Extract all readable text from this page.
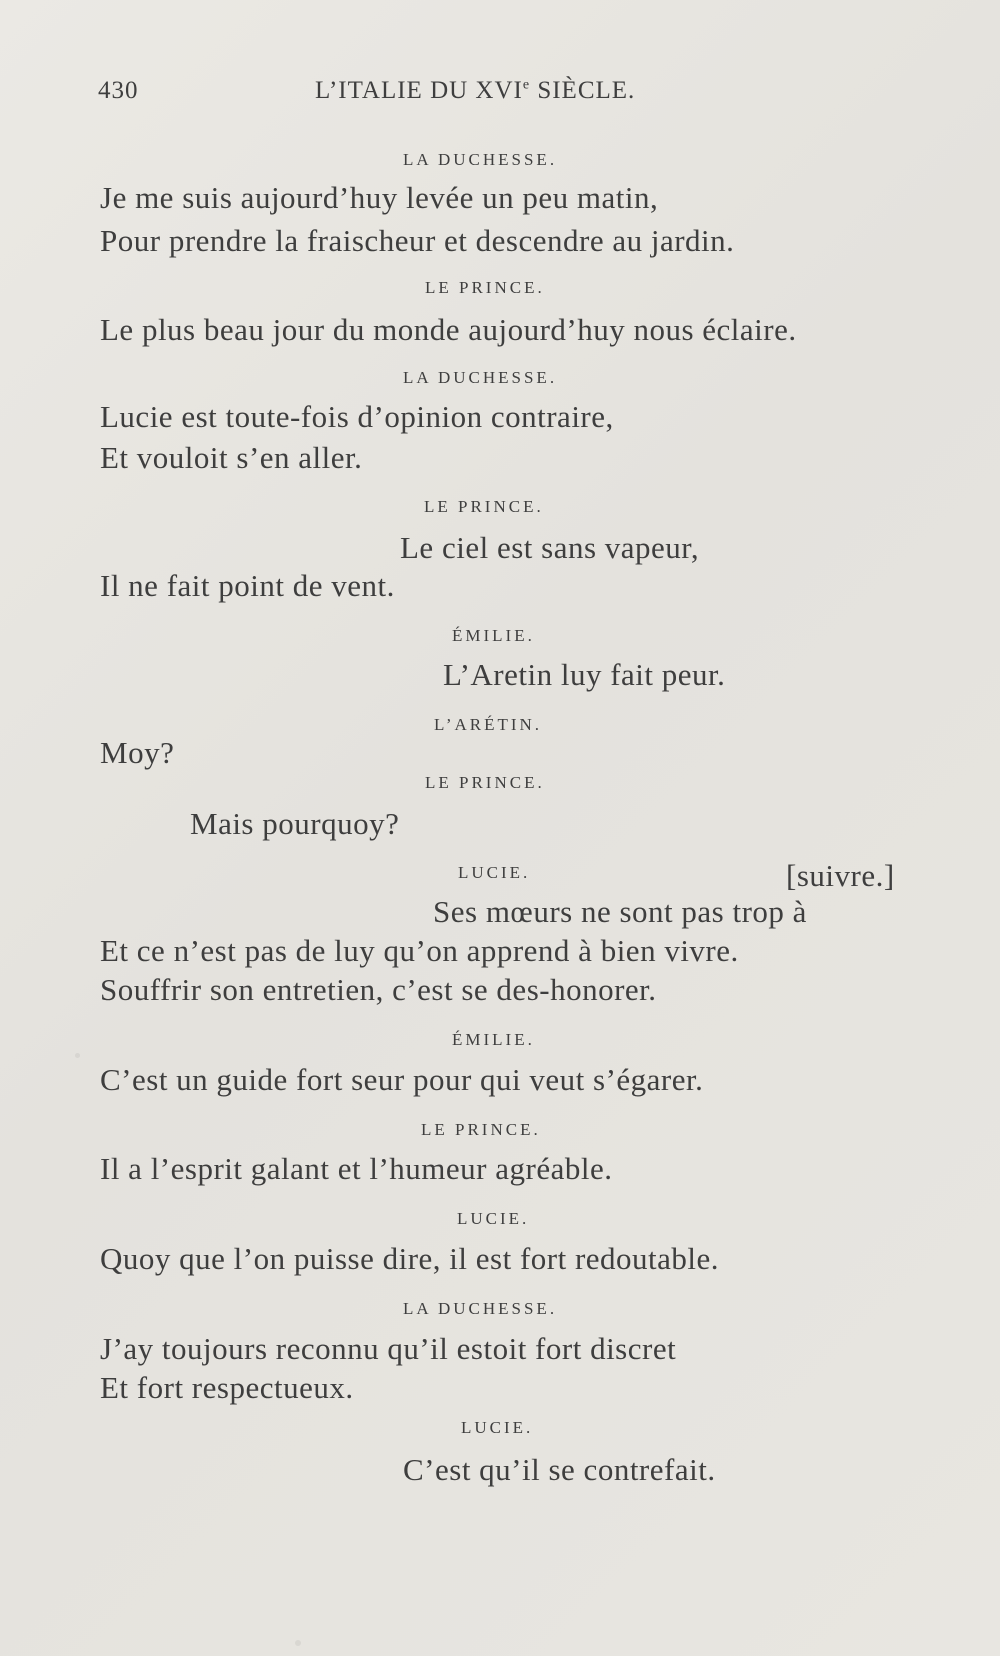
430	L’ITALIE DU XVIe SIÈCLE.

LA DUCHESSE.

Je me suis aujourd’huy levée un peu matin,

Pour prendre la fraischeur et descendre au jardin.

LE PRINCE.

Le plus beau jour du monde aujourd’huy nous éclaire.

LA DUCHESSE.

Lucie est toute-fois d’opinion contraire,

Et vouloit s’en aller.

LE PRINCE.

Le ciel est sans vapeur,

Il ne fait point de vent.

ÉMILIE.

L’Aretin luy fait peur.

L’ARÉTIN.

Moy?

LE PRINCE.

Mais pourquoy?

LUCIE.	[suivre.]

Ses mœurs ne sont pas trop à

Et ce n’est pas de luy qu’on apprend à bien vivre.

Souffrir son entretien, c’est se des-honorer.

ÉMILIE.

C’est un guide fort seur pour qui veut s’égarer.

LE PRINCE.

Il a l’esprit galant et l’humeur agréable.

LUCIE.

Quoy que l’on puisse dire, il est fort redoutable.

LA DUCHESSE.

J’ay toujours reconnu qu’il estoit fort discret

Et fort respectueux.

LUCIE.

C’est qu’il se contrefait.
